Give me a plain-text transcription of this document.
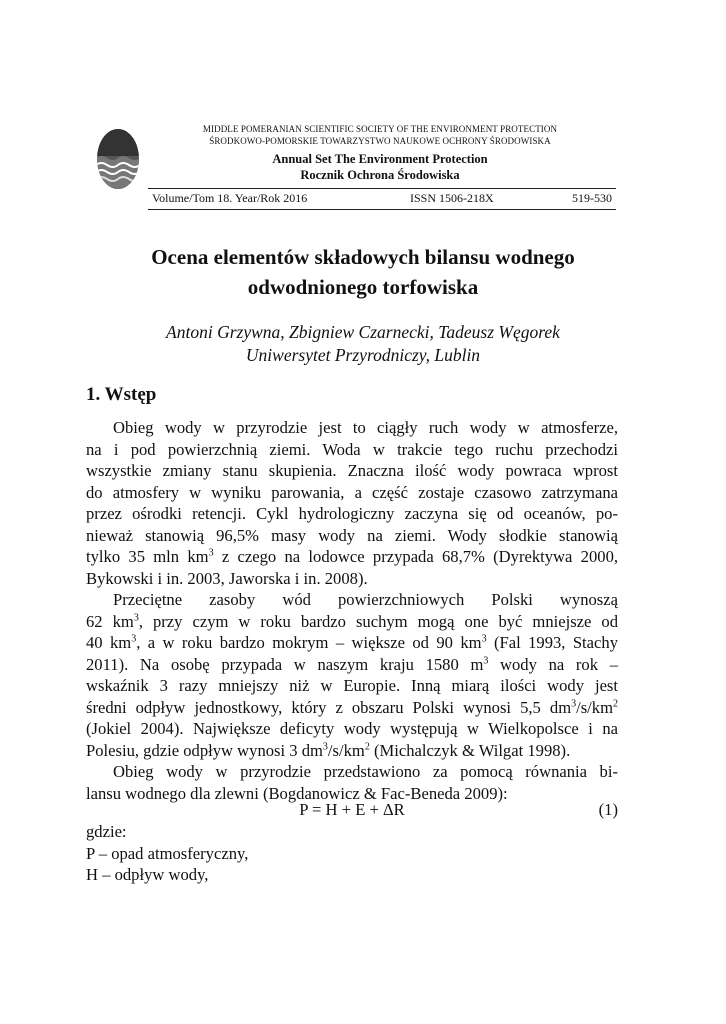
MIDDLE POMERANIAN SCIENTIFIC SOCIETY OF THE ENVIRONMENT PROTECTION
ŚRODKOWO-POMORSKIE TOWARZYSTWO NAUKOWE OCHRONY ŚRODOWISKA
Annual Set The Environment Protection
Rocznik Ochrona Środowiska
Volume/Tom 18. Year/Rok 2016	ISSN 1506-218X	519-530
Ocena elementów składowych bilansu wodnego
odwodnionego torfowiska
Antoni Grzywna, Zbigniew Czarnecki, Tadeusz Węgorek
Uniwersytet Przyrodniczy, Lublin
1. Wstęp
Obieg wody w przyrodzie jest to ciągły ruch wody w atmosferze,
na i pod powierzchnią ziemi. Woda w trakcie tego ruchu przechodzi
wszystkie zmiany stanu skupienia. Znaczna ilość wody powraca wprost
do atmosfery w wyniku parowania, a część zostaje czasowo zatrzymana
przez ośrodki retencji. Cykl hydrologiczny zaczyna się od oceanów, po-
nieważ stanowią 96,5% masy wody na ziemi. Wody słodkie stanowią
tylko 35 mln $km^3$ z czego na lodowce przypada 68,7% (Dyrektywa 2000,
Bykowski i in. 2003, Jaworska i in. 2008).
Przeciętne zasoby wód powierzchniowych Polski wynoszą
62 $km^3$, przy czym w roku bardzo suchym mogą one być mniejsze od
40 $km^3$, a w roku bardzo mokrym – większe od 90 $km^3$ (Fal 1993, Stachy
2011). Na osobę przypada w naszym kraju 1580 $m^3$ wody na rok –
wskaźnik 3 razy mniejszy niż w Europie. Inną miarą ilości wody jest
średni odpływ jednostkowy, który z obszaru Polski wynosi 5,5 $dm^3/s/km^2$
(Jokiel 2004). Największe deficyty wody występują w Wielkopolsce i na
Polesiu, gdzie odpływ wynosi 3 $dm^3/s/km^2$ (Michalczyk & Wilgat 1998).
Obieg wody w przyrodzie przedstawiono za pomocą równania bi-
lansu wodnego dla zlewni (Bogdanowicz & Fac-Beneda 2009):
P = H + E + ΔR	(1)
gdzie:
P – opad atmosferyczny,
H – odpływ wody,
